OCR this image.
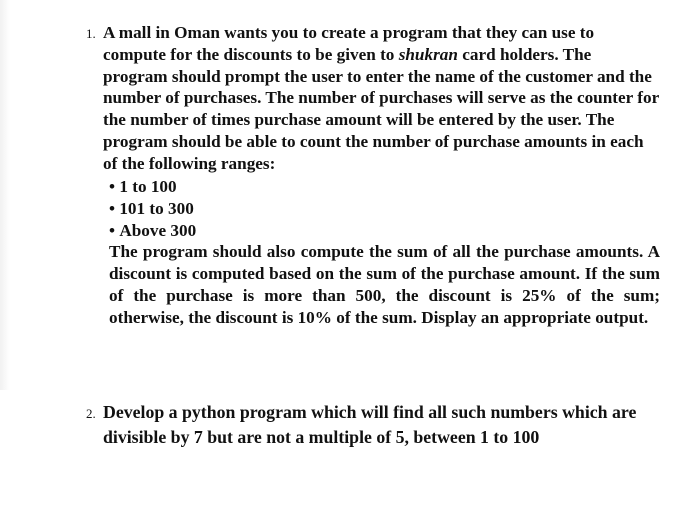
1. A mall in Oman wants you to create a program that they can use to compute for the discounts to be given to shukran card holders. The program should prompt the user to enter the name of the customer and the number of purchases. The number of purchases will serve as the counter for the number of times purchase amount will be entered by the user. The program should be able to count the number of purchase amounts in each of the following ranges:

2. Develop a python program which will find all such numbers which are divisible by 7 but are not a multiple of 5, between 1 to 100

• 1 to 100
• 101 to 300
• Above 300

The program should also compute the sum of all the purchase amounts. A discount is computed based on the sum of the purchase amount. If the sum of the purchase is more than 500, the discount is 25% of the sum; otherwise, the discount is 10% of the sum. Display an appropriate output.
